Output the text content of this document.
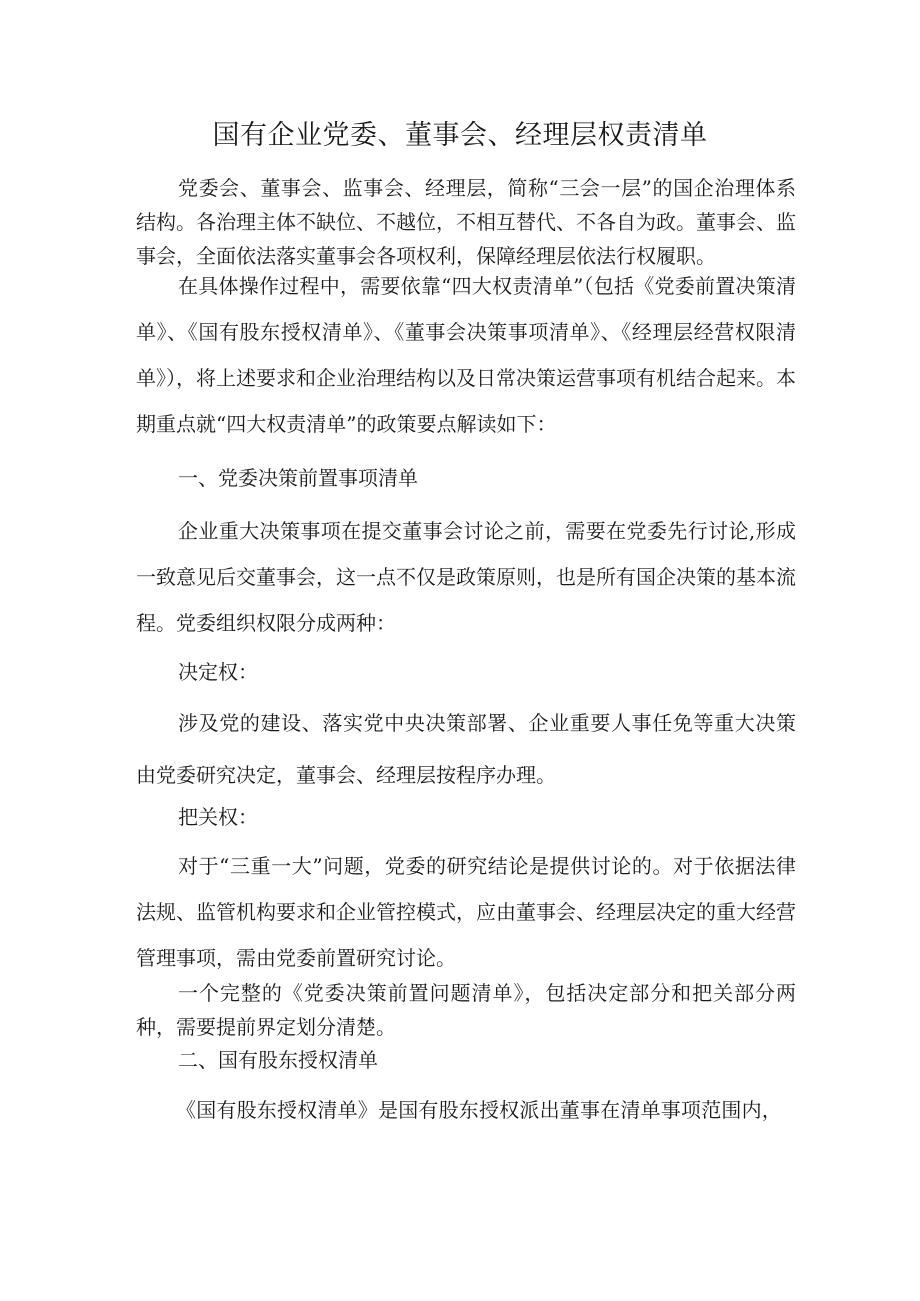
国有企业党委、董事会、经理层权责清单

党委会、董事会、监事会、经理层，简称“三会一层”的国企治理体系结构。各治理主体不缺位、不越位，不相互替代、不各自为政。董事会、监事会，全面依法落实董事会各项权利，保障经理层依法行权履职。

在具体操作过程中，需要依靠“四大权责清单”（包括《党委前置决策清单》、《国有股东授权清单》、《董事会决策事项清单》、《经理层经营权限清单》），将上述要求和企业治理结构以及日常决策运营事项有机结合起来。本期重点就“四大权责清单”的政策要点解读如下：

一、党委决策前置事项清单

企业重大决策事项在提交董事会讨论之前，需要在党委先行讨论,形成一致意见后交董事会，这一点不仅是政策原则，也是所有国企决策的基本流程。党委组织权限分成两种：

决定权：

涉及党的建设、落实党中央决策部署、企业重要人事任免等重大决策由党委研究决定，董事会、经理层按程序办理。

把关权：

对于“三重一大”问题，党委的研究结论是提供讨论的。对于依据法律法规、监管机构要求和企业管控模式，应由董事会、经理层决定的重大经营管理事项，需由党委前置研究讨论。

一个完整的《党委决策前置问题清单》，包括决定部分和把关部分两种，需要提前界定划分清楚。

二、国有股东授权清单

《国有股东授权清单》是国有股东授权派出董事在清单事项范围内，
